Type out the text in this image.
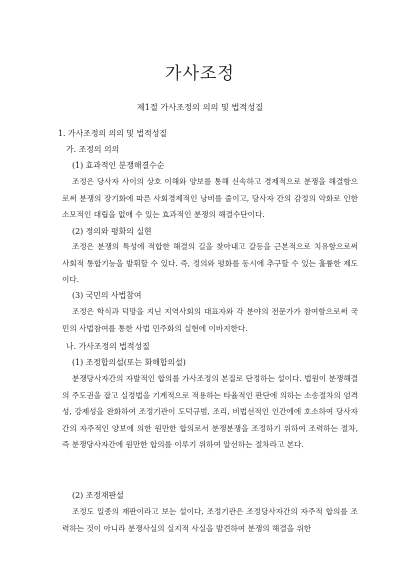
가사조정
제1절 가사조정의 의의 및 법적성질
1. 가사조정의 의의 및 법적성질
가. 조정의 의의
(1) 효과적인 분쟁해결수순

조정은 당사자 사이의 상호 이해와 양보를 통해 신속하고 경제적으로 분쟁을 해결함으로써 분쟁의 장기화에 따른 사회경제적인 낭비를 줄이고, 당사자 간의 감정의 악화로 인한 소모적인 대립을 없애 수 있는 효과적인 분쟁의 해결수단이다.

(2) 정의와 평화의 실현

조정은 분쟁의 특성에 적합한 해결의 길을 찾아내고 갈등을 근본적으로 치유함으로써 사회적 통합기능을 발휘할 수 있다. 즉, 정의와 평화를 동시에 추구할 수 있는 훌륭한 제도이다.

(3) 국민의 사법참여

조정은 학식과 덕망을 지닌 지역사회의 대표자와 각 분야의 전문가가 참여함으로써 국민의 사법참여를 통한 사법 민주화의 실현에 이바지한다.

나. 가사조정의 법적성질
(1) 조정합의설(또는 화해합의설)

분쟁당사자간의 자발적인 합의를 가사조정의 본질로 단정하는 설이다. 법원이 분쟁해결의 주도권을 잡고 실정법을 기계적으로 적용하는 타율적인 판단에 의하는 소송절차의 엄격성, 강제성을 완화하여 조정기관이 도덕규범, 조리, 비법선적인 인간에에 호소하여 당사자 간의 자주적인 양보에 의한 원만한 합의로서 분쟁분쟁을 조정하기 위하여 조력하는 절차, 즉 분쟁당사자간에 원만한 합의를 이루기 위하여 알선하는 절차라고 본다.

(2) 조정재판설

조정도 일종의 재판이라고 보는 설이다, 조정기관은 조정당사자간의 자주적 합의를 조력하는 것이 아니라 분쟁사실의 실지적 사실을 발견하여 분쟁의 해결을 위한
